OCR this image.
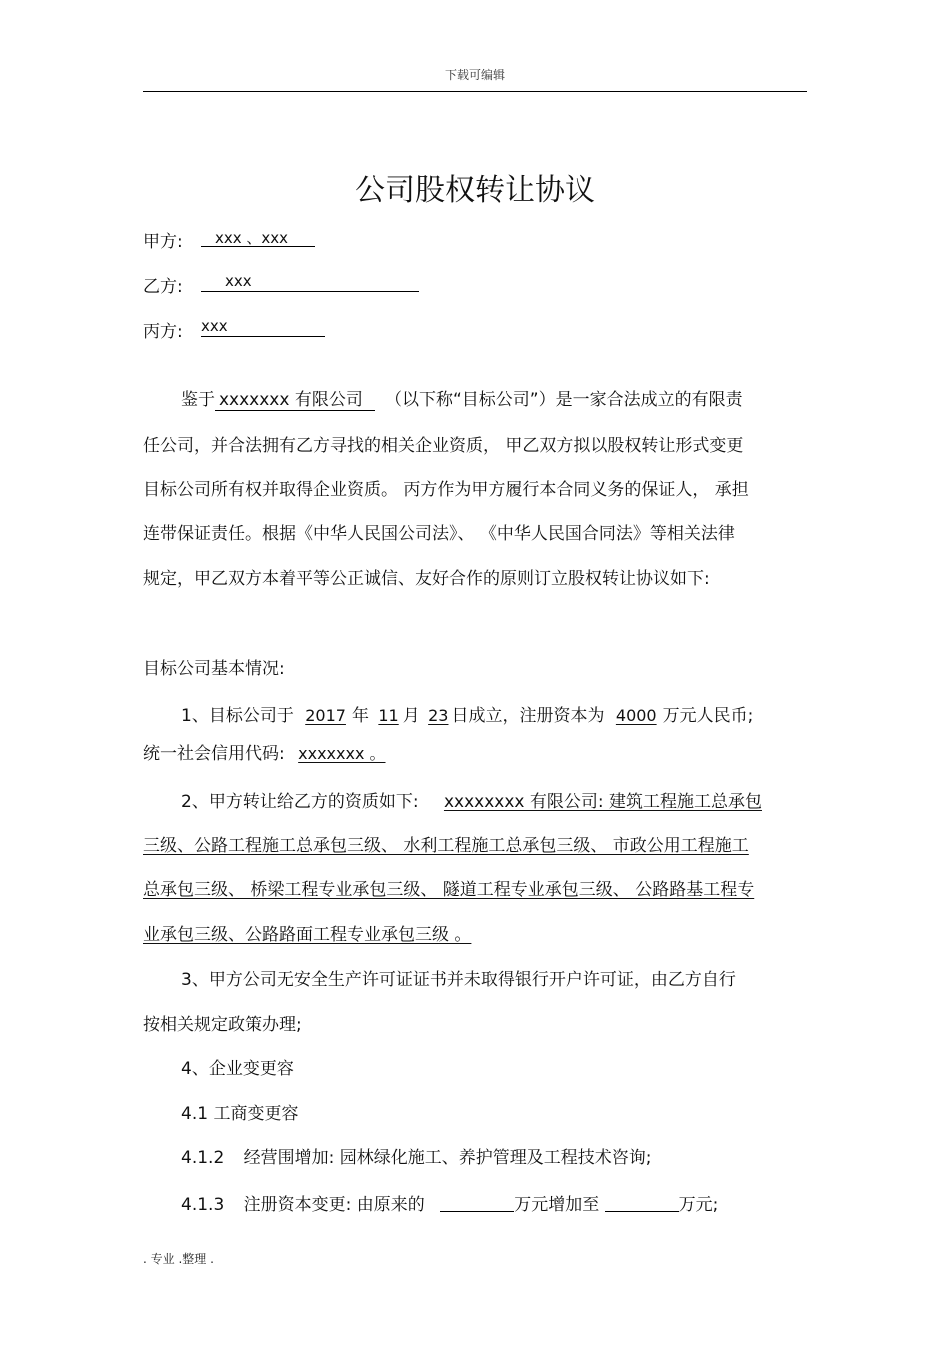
下载可编辑
公司股权转让协议
甲方: xxx 、xxx
乙方:	xxx
丙方: xxx
鉴于 xxxxxxx 有限公司 （以下称“目标公司”）是一家合法成立的有限责
任公司，并合法拥有乙方寻找的相关企业资质， 甲乙双方拟以股权转让形式变更
目标公司所有权并取得企业资质。 丙方作为甲方履行本合同义务的保证人， 承担
连带保证责任。根据《中华人民国公司法》、 《中华人民国合同法》等相关法律
规定，甲乙双方本着平等公正诚信、友好合作的原则订立股权转让协议如下:
目标公司基本情况:
1、目标公司于 2017 年 11 月 23 日成立，注册资本为 4000 万元人民币;
统一社会信用代码: xxxxxxx 。
2、甲方转让给乙方的资质如下: xxxxxxxx 有限公司: 建筑工程施工总承包
三级、公路工程施工总承包三级、 水利工程施工总承包三级、 市政公用工程施工
总承包三级、 桥梁工程专业承包三级、 隧道工程专业承包三级、 公路路基工程专
业承包三级、公路路面工程专业承包三级 。
3、甲方公司无安全生产许可证证书并未取得银行开户许可证，由乙方自行
按相关规定政策办理;
4、企业变更容
4.1 工商变更容
4.1.2 经营围增加: 园林绿化施工、养护管理及工程技术咨询;
4.1.3 注册资本变更: 由原来的	万元增加至	万元;
. 专业 .整理 .
